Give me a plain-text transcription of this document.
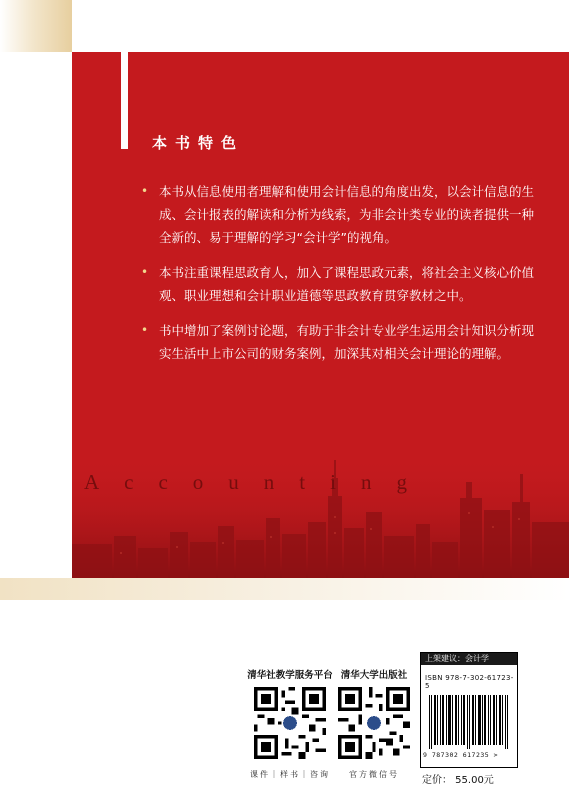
本书特色
• 本书从信息使用者理解和使用会计信息的角度出发，以会计信息的生成、会计报表的解读和分析为线索，为非会计类专业的读者提供一种全新的、易于理解的学习“会计学”的视角。
• 本书注重课程思政育人，加入了课程思政元素，将社会主义核心价值观、职业理想和会计职业道德等思政教育贯穿教材之中。
• 书中增加了案例讨论题，有助于非会计专业学生运用会计知识分析现实生活中上市公司的财务案例，加深其对相关会计理论的理解。
Accounting
清华社教学服务平台
课件｜样书｜咨询
清华大学出版社
官方微信号
上架建议：会计学
ISBN 978-7-302-61723-5
9 787302 617235 >
定价： 55.00元
